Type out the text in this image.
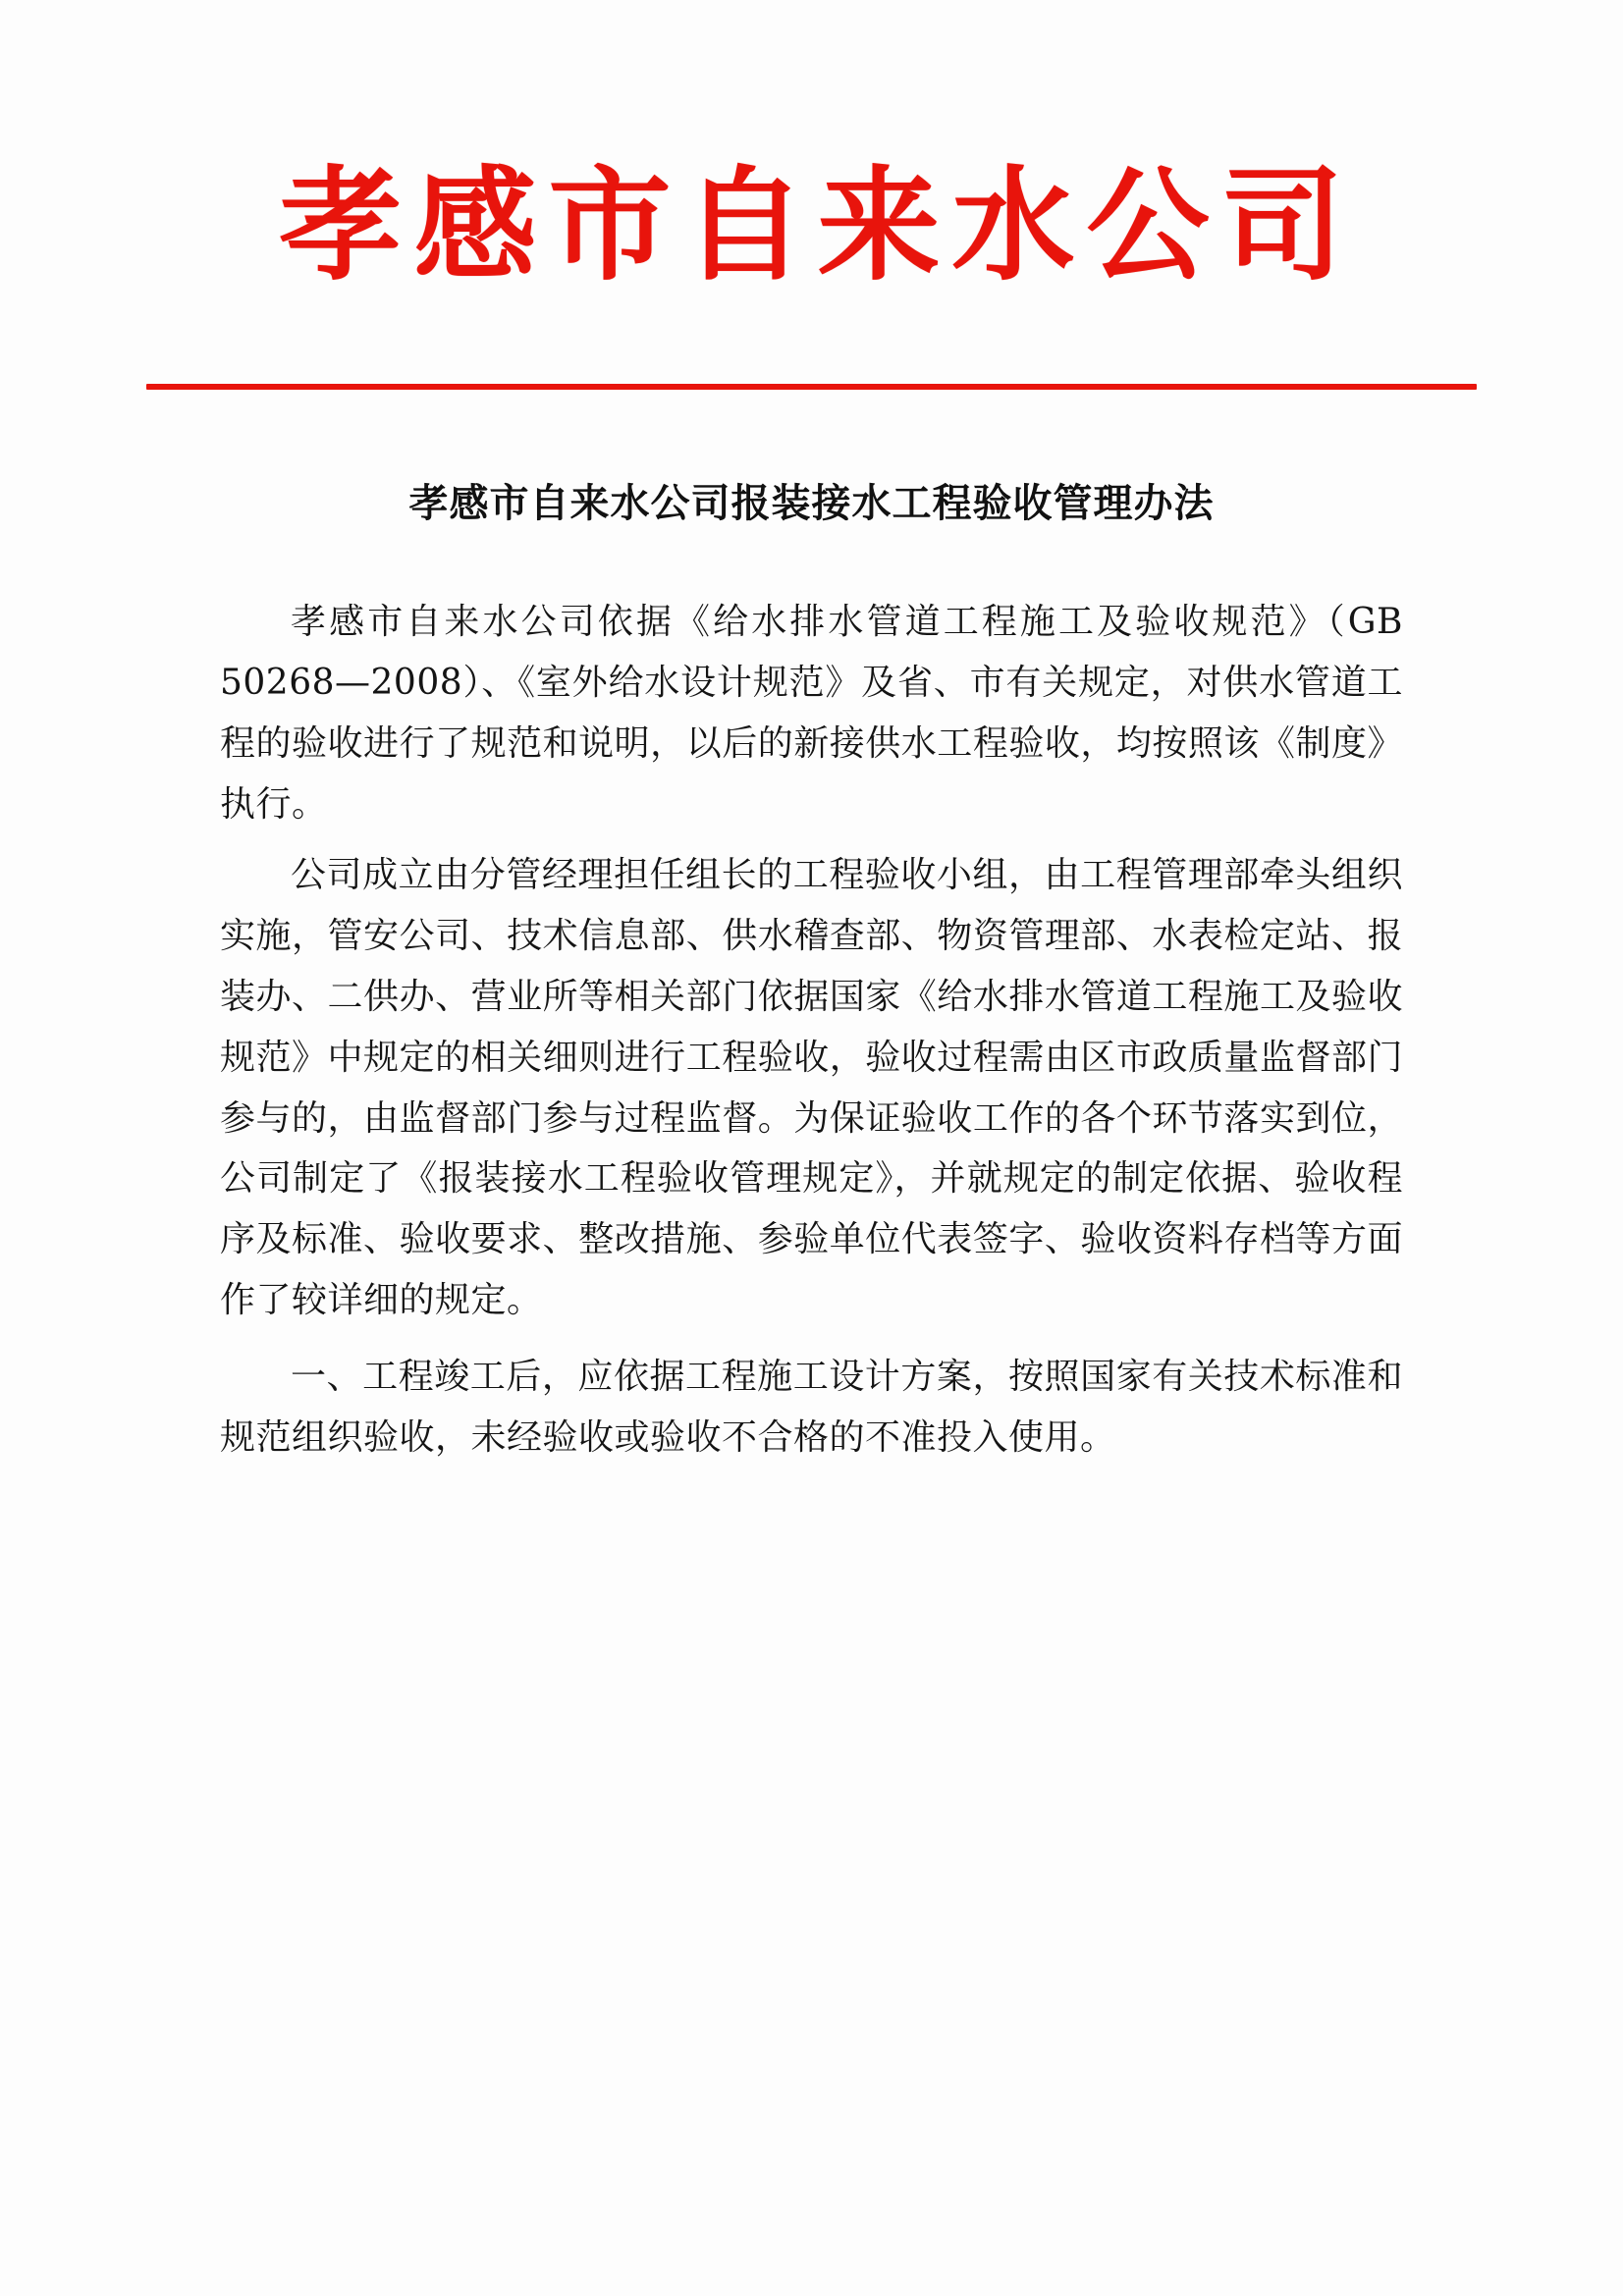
孝感市自来水公司
孝感市自来水公司报装接水工程验收管理办法

孝感市自来水公司依据《给水排水管道工程施工及验收规范》（GB 50268—2008）、《室外给水设计规范》及省、市有关规定，对供水管道工程的验收进行了规范和说明，以后的新接供水工程验收，均按照该《制度》执行。

公司成立由分管经理担任组长的工程验收小组，由工程管理部牵头组织实施，管安公司、技术信息部、供水稽查部、物资管理部、水表检定站、报装办、二供办、营业所等相关部门依据国家《给水排水管道工程施工及验收规范》中规定的相关细则进行工程验收，验收过程需由区市政质量监督部门参与的，由监督部门参与过程监督。为保证验收工作的各个环节落实到位，公司制定了《报装接水工程验收管理规定》，并就规定的制定依据、验收程序及标准、验收要求、整改措施、参验单位代表签字、验收资料存档等方面作了较详细的规定。

一、工程竣工后，应依据工程施工设计方案，按照国家有关技术标准和规范组织验收，未经验收或验收不合格的不准投入使用。
